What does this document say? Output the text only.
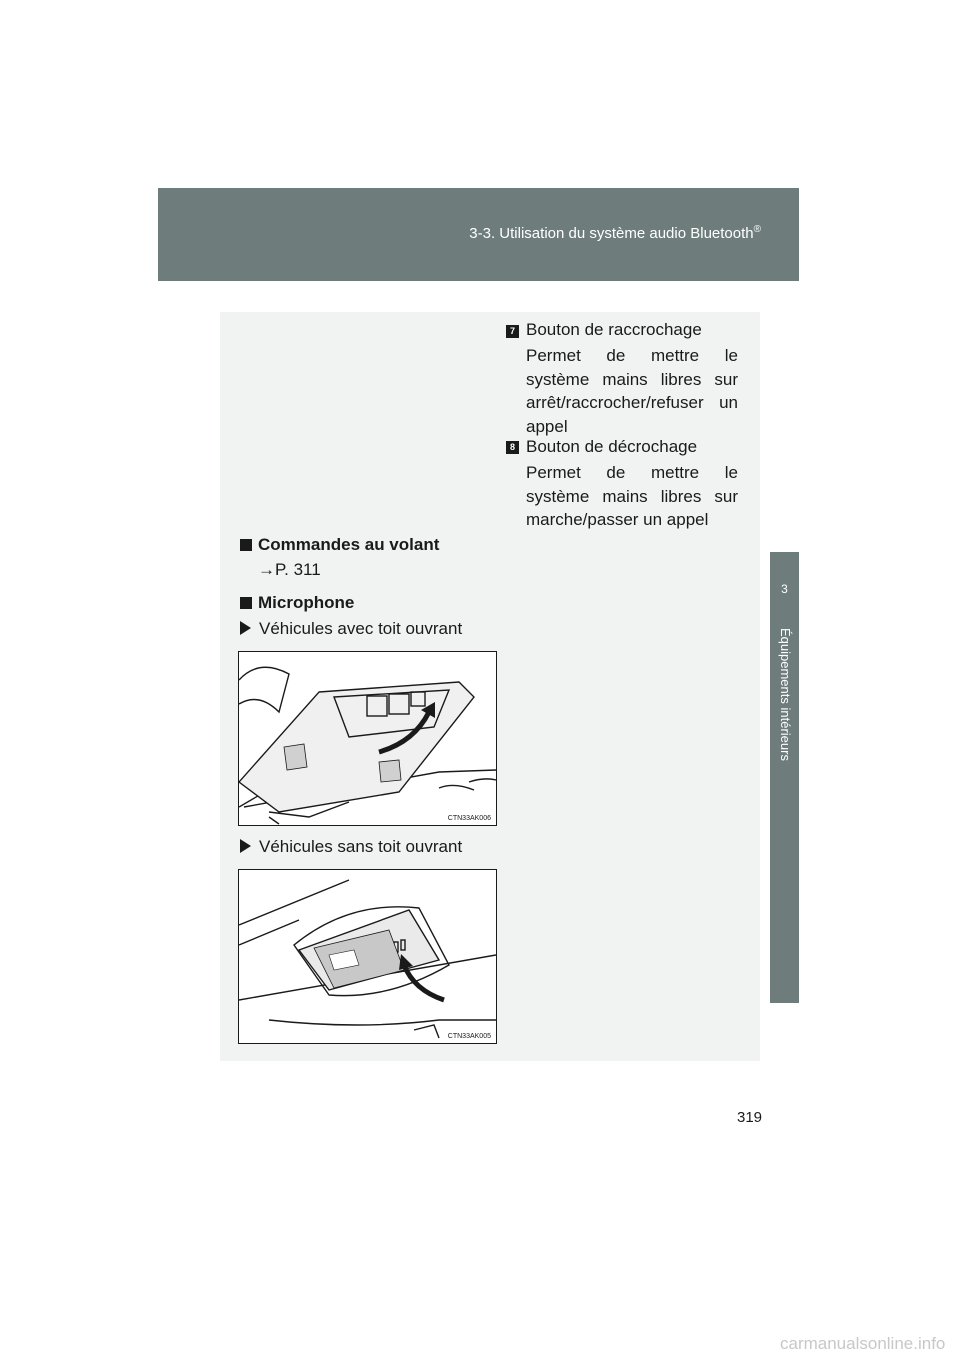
3-3. Utilisation du système audio Bluetooth®
3
Équipements intérieurs
7 Bouton de raccrochage
Permet de mettre le système mains libres sur arrêt/raccrocher/refuser un appel
8 Bouton de décrochage
Permet de mettre le système mains libres sur marche/passer un appel
Commandes au volant
→P. 311
Microphone
Véhicules avec toit ouvrant
CTN33AK006
Véhicules sans toit ouvrant
CTN33AK005
319
carmanualsonline.info
